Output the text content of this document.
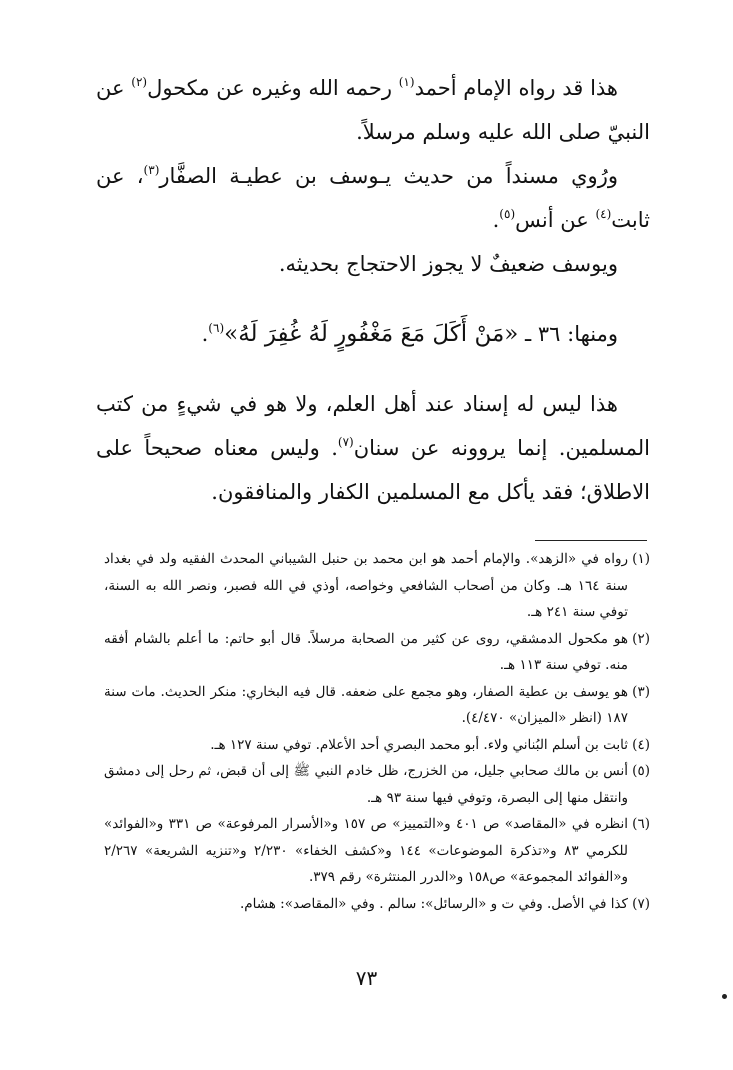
هذا قد رواه الإمام أحمد$^{(١)}$ رحمه الله وغيره عن مكحول$^{(٢)}$ عن النبيّ صلى الله عليه وسلم مرسلاً.

ورُوي مسنداً من حديث يـوسف بن عطيـة الصفَّار$^{(٣)}$، عن ثابت$^{(٤)}$ عن أنس$^{(٥)}$.

ويوسف ضعيفٌ لا يجوز الاحتجاج بحديثه.

ومنها: ٣٦ ـ «مَنْ أَكَلَ مَعَ مَغْفُورٍ لَهُ غُفِرَ لَهُ»$^{(٦)}$.

هذا ليس له إسناد عند أهل العلم، ولا هو في شيءٍ من كتب المسلمين. إنما يروونه عن سنان$^{(٧)}$. وليس معناه صحيحاً على الاطلاق؛ فقد يأكل مع المسلمين الكفار والمنافقون.

(١)رواه في «الزهد». والإمام أحمد هو ابن محمد بن حنبل الشيباني المحدث الفقيه ولد في بغداد سنة ١٦٤ هـ. وكان من أصحاب الشافعي وخواصه، أوذي في الله فصبر، ونصر الله به السنة، توفي سنة ٢٤١ هـ.

(٢)هو مكحول الدمشقي، روى عن كثير من الصحابة مرسلاً. قال أبو حاتم: ما أعلم بالشام أفقه منه. توفي سنة ١١٣ هـ.

(٣)هو يوسف بن عطية الصفار، وهو مجمع على ضعفه. قال فيه البخاري: منكر الحديث. مات سنة ١٨٧ (انظر «الميزان» ٤/٤٧٠).

(٤)ثابت بن أسلم البُناني ولاء. أبو محمد البصري أحد الأعلام. توفي سنة ١٢٧ هـ.

(٥)أنس بن مالك صحابي جليل، من الخزرج، ظل خادم النبي ﷺ إلى أن قبض، ثم رحل إلى دمشق وانتقل منها إلى البصرة، وتوفي فيها سنة ٩٣ هـ.

(٦)انظره في «المقاصد» ص ٤٠١ و«التمييز» ص ١٥٧ و«الأسرار المرفوعة» ص ٣٣١ و«الفوائد» للكرمي ٨٣ و«تذكرة الموضوعات» ١٤٤ و«كشف الخفاء» ٢/٢٣٠ و«تنزيه الشريعة» ٢/٢٦٧ و«الفوائد المجموعة» ص١٥٨ و«الدرر المنتثرة» رقم ٣٧٩.

(٧)كذا في الأصل. وفي ت و «الرسائل»: سالم . وفي «المقاصد»: هشام.

٧٣
